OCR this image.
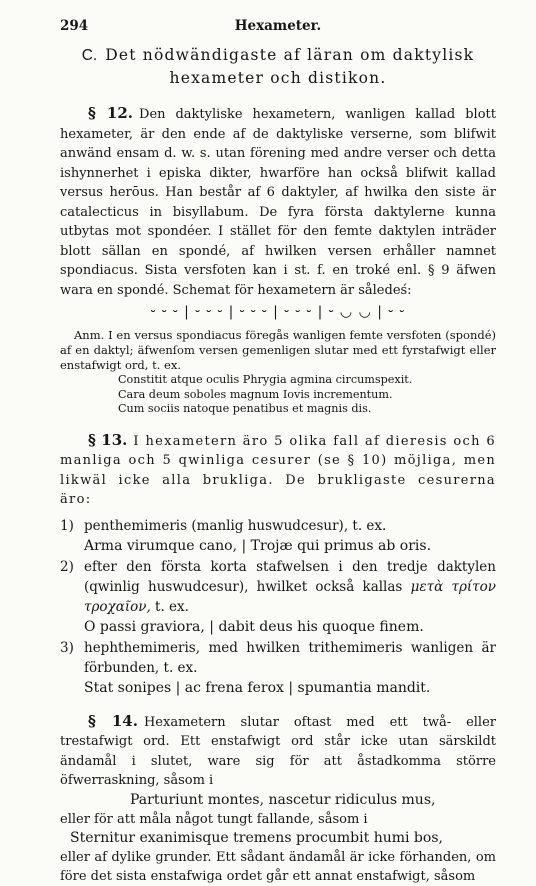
294	Hexameter.
C. Det nödwändigaste af läran om daktylisk
hexameter och distikon.

§ 12. Den daktyliske hexametern, wanligen kallad blott hexameter, är den ende af de daktyliske verserne, som blifwit anwänd ensam d. w. s. utan förening med andre verser och detta ishynnerhet i episka dikter, hwarföre han också blifwit kallad versus herōus. Han består af 6 daktyler, af hwilka den siste är catalecticus in bisyllabum. De fyra första daktylerne kunna utbytas mot spondéer. I stället för den femte daktylen inträder blott sällan en spondé, af hwilken versen erhåller namnet spondiacus. Sista versfoten kan i st. f. en troké enl. § 9 äfwen wara en spondé. Schemat för hexametern är såledeś:

⏑ ⏑ ⏑ | ⏑ ⏑ ⏑ | ⏑ ⏑ ⏑ | ⏑ ⏑ ⏑ | ⏑ ◡ ◡ | ⏑ ⏑

Anm. I en versus spondiacus föregås wanligen femte versfoten (spondé) af en daktyl; äfwenſom versen gemenligen slutar med ett fyrstafwigt eller enstafwigt ord, t. ex.

Constitit atque oculis Phrygia agmina circumspexit.
Cara deum soboles magnum Iovis incrementum.
Cum sociis natoque penatibus et magnis dis.

§ 13. I hexametern äro 5 olika fall af dieresis och 6 manliga och 5 qwinliga cesurer (se § 10) möjliga, men likwäl icke alla brukliga. De brukligaste cesurerna äro:

1) penthemimeris (manlig huswudcesur), t. ex.
Arma virumque cano, | Trojæ qui primus ab oris.
2) efter den första korta stafwelsen i den tredje daktylen (qwinlig huswudcesur), hwilket också kallas μετὰ τρίτον τροχαῖον, t. ex.
O passi graviora, | dabit deus his quoque finem.
3) hephthemimeris, med hwilken trithemimeris wanligen är förbunden, t. ex.
Stat sonipes | ac frena ferox | spumantia mandit.

§ 14. Hexametern slutar oftast med ett twå- eller trestafwigt ord. Ett enstafwigt ord står icke utan särskildt ändamål i slutet, ware sig för att åstadkomma större öfwerraskning, såsom i

Parturiunt montes, nascetur ridiculus mus,

eller för att måla något tungt fallande, såsom i

Sternitur exanimisque tremens procumbit humi bos,

eller af dylike grunder. Ett sådant ändamål är icke förhanden, om före det sista enstafwiga ordet går ett annat enstafwigt, såsom
